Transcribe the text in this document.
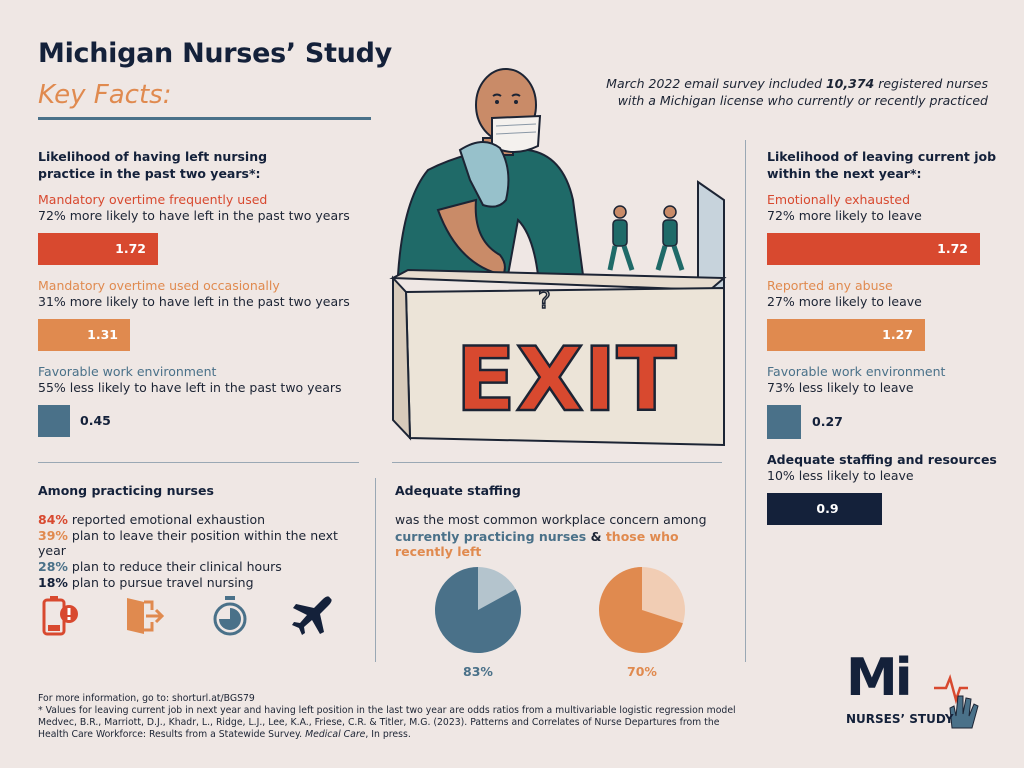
Michigan Nurses’ Study
Key Facts:	March 2022 email survey included 10,374 registered nurses with a Michigan license who currently or recently practiced
Likelihood of having left nursing practice in the past two years*:
Mandatory overtime frequently used
72% more likely to have left in the past two years
1.72
Mandatory overtime used occasionally
31% more likely to have left in the past two years
1.31
Favorable work environment
55% less likely to have left in the past two years
0.45
Likelihood of leaving current job within the next year*:
Emotionally exhausted
72% more likely to leave
1.72
Reported any abuse
27% more likely to leave
1.27
Favorable work environment
73% less likely to leave
0.27
Adequate staffing and resources
10% less likely to leave
0.9
?
EXIT
Among practicing nurses
84% reported emotional exhaustion
39% plan to leave their position within the next year
28% plan to reduce their clinical hours
18% plan to pursue travel nursing
Adequate staffing
was the most common workplace concern among
currently practicing nurses & those who recently left
83%	70%	Mi
NURSES’ STUDY
For more information, go to: shorturl.at/BGS79
* Values for leaving current job in next year and having left position in the last two year are odds ratios from a multivariable logistic regression model
Medvec, B.R., Marriott, D.J., Khadr, L., Ridge, L.J., Lee, K.A., Friese, C.R. & Titler, M.G. (2023). Patterns and Correlates of Nurse Departures from the
Health Care Workforce: Results from a Statewide Survey. Medical Care, In press.
